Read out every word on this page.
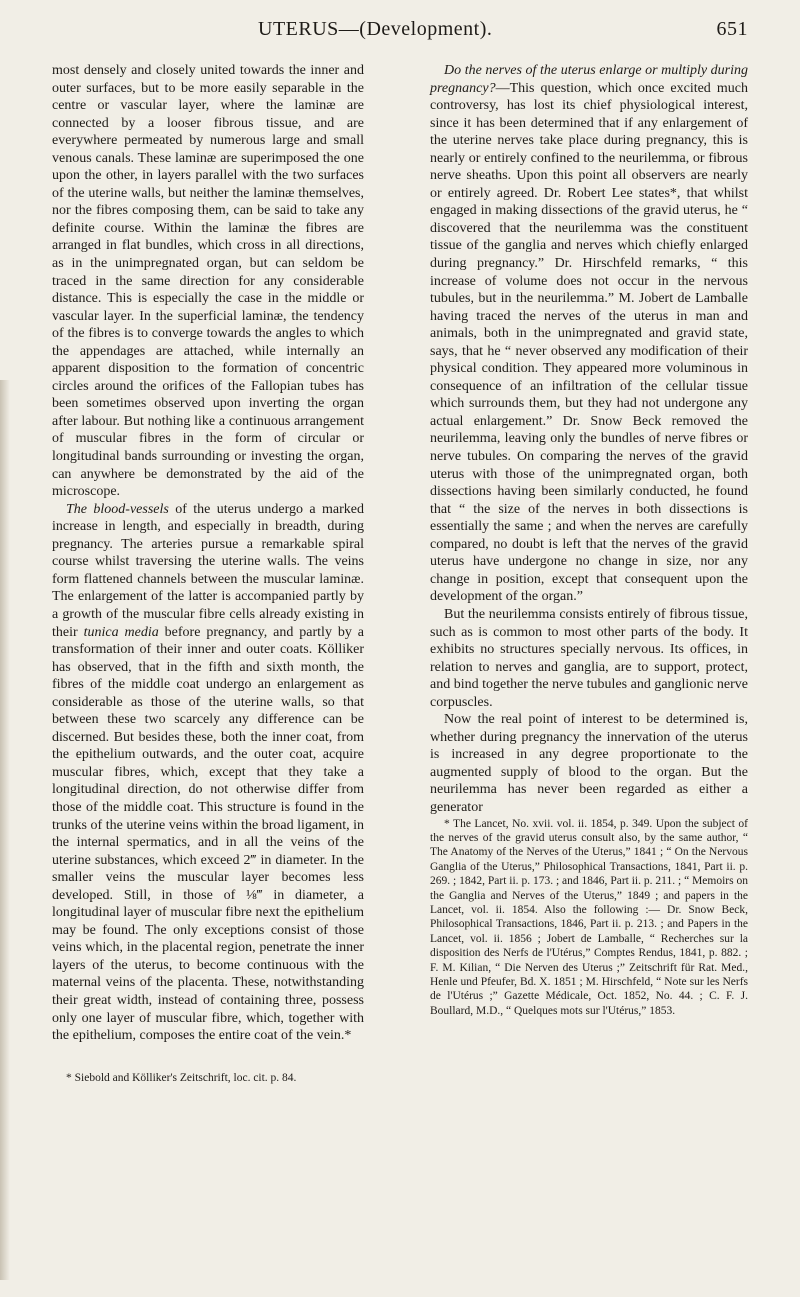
UTERUS—(Development).	651

most densely and closely united towards the inner and outer surfaces, but to be more easily separable in the centre or vascular layer, where the laminæ are connected by a looser fibrous tissue, and are everywhere permeated by numerous large and small venous canals. These laminæ are superimposed the one upon the other, in layers parallel with the two surfaces of the uterine walls, but neither the laminæ themselves, nor the fibres composing them, can be said to take any definite course. Within the laminæ the fibres are arranged in flat bundles, which cross in all directions, as in the unimpregnated organ, but can seldom be traced in the same direction for any considerable distance. This is especially the case in the middle or vascular layer. In the superficial laminæ, the tendency of the fibres is to converge towards the angles to which the appendages are attached, while internally an apparent disposition to the formation of concentric circles around the orifices of the Fallopian tubes has been sometimes observed upon inverting the organ after labour. But nothing like a continuous arrangement of muscular fibres in the form of circular or longitudinal bands surrounding or investing the organ, can anywhere be demonstrated by the aid of the microscope.

The blood-vessels of the uterus undergo a marked increase in length, and especially in breadth, during pregnancy. The arteries pursue a remarkable spiral course whilst traversing the uterine walls. The veins form flattened channels between the muscular laminæ. The enlargement of the latter is accompanied partly by a growth of the muscular fibre cells already existing in their tunica media before pregnancy, and partly by a transformation of their inner and outer coats. Kölliker has observed, that in the fifth and sixth month, the fibres of the middle coat undergo an enlargement as considerable as those of the uterine walls, so that between these two scarcely any difference can be discerned. But besides these, both the inner coat, from the epithelium outwards, and the outer coat, acquire muscular fibres, which, except that they take a longitudinal direction, do not otherwise differ from those of the middle coat. This structure is found in the trunks of the uterine veins within the broad ligament, in the internal spermatics, and in all the veins of the uterine substances, which exceed 2‴ in diameter. In the smaller veins the muscular layer becomes less developed. Still, in those of ⅛‴ in diameter, a longitudinal layer of muscular fibre next the epithelium may be found. The only exceptions consist of those veins which, in the placental region, penetrate the inner layers of the uterus, to become continuous with the maternal veins of the placenta. These, notwithstanding their great width, instead of containing three, possess only one layer of muscular fibre, which, together with the epithelium, composes the entire coat of the vein.*

* Siebold and Kölliker's Zeitschrift, loc. cit. p. 84.

Do the nerves of the uterus enlarge or multiply during pregnancy?—This question, which once excited much controversy, has lost its chief physiological interest, since it has been determined that if any enlargement of the uterine nerves take place during pregnancy, this is nearly or entirely confined to the neurilemma, or fibrous nerve sheaths. Upon this point all observers are nearly or entirely agreed. Dr. Robert Lee states*, that whilst engaged in making dissections of the gravid uterus, he “ discovered that the neurilemma was the constituent tissue of the ganglia and nerves which chiefly enlarged during pregnancy.” Dr. Hirschfeld remarks, “ this increase of volume does not occur in the nervous tubules, but in the neurilemma.” M. Jobert de Lamballe having traced the nerves of the uterus in man and animals, both in the unimpregnated and gravid state, says, that he “ never observed any modification of their physical condition. They appeared more voluminous in consequence of an infiltration of the cellular tissue which surrounds them, but they had not undergone any actual enlargement.” Dr. Snow Beck removed the neurilemma, leaving only the bundles of nerve fibres or nerve tubules. On comparing the nerves of the gravid uterus with those of the unimpregnated organ, both dissections having been similarly conducted, he found that “ the size of the nerves in both dissections is essentially the same ; and when the nerves are carefully compared, no doubt is left that the nerves of the gravid uterus have undergone no change in size, nor any change in position, except that consequent upon the development of the organ.”

But the neurilemma consists entirely of fibrous tissue, such as is common to most other parts of the body. It exhibits no structures specially nervous. Its offices, in relation to nerves and ganglia, are to support, protect, and bind together the nerve tubules and ganglionic nerve corpuscles.

Now the real point of interest to be determined is, whether during pregnancy the innervation of the uterus is increased in any degree proportionate to the augmented supply of blood to the organ. But the neurilemma has never been regarded as either a generator

* The Lancet, No. xvii. vol. ii. 1854, p. 349. Upon the subject of the nerves of the gravid uterus consult also, by the same author, “ The Anatomy of the Nerves of the Uterus,” 1841 ; “ On the Nervous Ganglia of the Uterus,” Philosophical Transactions, 1841, Part ii. p. 269. ; 1842, Part ii. p. 173. ; and 1846, Part ii. p. 211. ; “ Memoirs on the Ganglia and Nerves of the Uterus,” 1849 ; and papers in the Lancet, vol. ii. 1854. Also the following :— Dr. Snow Beck, Philosophical Transactions, 1846, Part ii. p. 213. ; and Papers in the Lancet, vol. ii. 1856 ; Jobert de Lamballe, “ Recherches sur la disposition des Nerfs de l'Utérus,” Comptes Rendus, 1841, p. 882. ; F. M. Kilian, “ Die Nerven des Uterus ;” Zeitschrift für Rat. Med., Henle und Pfeufer, Bd. X. 1851 ; M. Hirschfeld, “ Note sur les Nerfs de l'Utérus ;” Gazette Médicale, Oct. 1852, No. 44. ; C. F. J. Boullard, M.D., “ Quelques mots sur l'Utérus,” 1853.
